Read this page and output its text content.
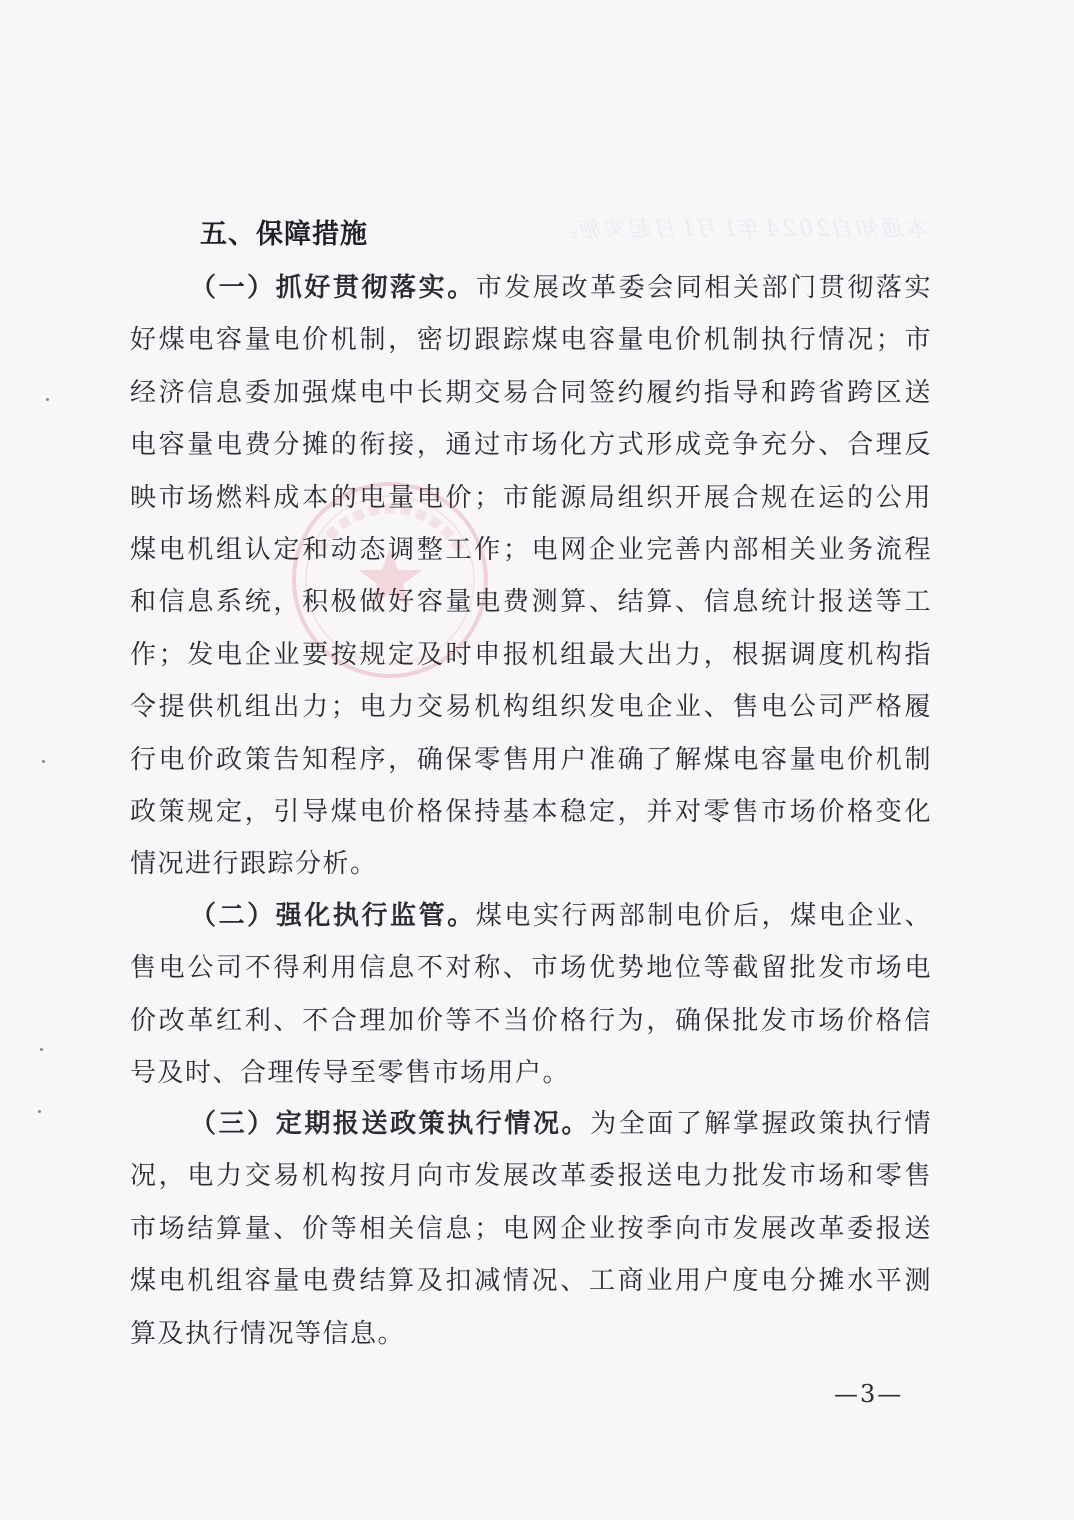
本通知自2024年1月1日起实施。
五、保障措施
（一）抓好贯彻落实。市发展改革委会同相关部门贯彻落实
好煤电容量电价机制，密切跟踪煤电容量电价机制执行情况；市
经济信息委加强煤电中长期交易合同签约履约指导和跨省跨区送
电容量电费分摊的衔接，通过市场化方式形成竞争充分、合理反
映市场燃料成本的电量电价；市能源局组织开展合规在运的公用
煤电机组认定和动态调整工作；电网企业完善内部相关业务流程
和信息系统，积极做好容量电费测算、结算、信息统计报送等工
作；发电企业要按规定及时申报机组最大出力，根据调度机构指
令提供机组出力；电力交易机构组织发电企业、售电公司严格履
行电价政策告知程序，确保零售用户准确了解煤电容量电价机制
政策规定，引导煤电价格保持基本稳定，并对零售市场价格变化
情况进行跟踪分析。
（二）强化执行监管。煤电实行两部制电价后，煤电企业、
售电公司不得利用信息不对称、市场优势地位等截留批发市场电
价改革红利、不合理加价等不当价格行为，确保批发市场价格信
号及时、合理传导至零售市场用户。
（三）定期报送政策执行情况。为全面了解掌握政策执行情
况，电力交易机构按月向市发展改革委报送电力批发市场和零售
市场结算量、价等相关信息；电网企业按季向市发展改革委报送
煤电机组容量电费结算及扣减情况、工商业用户度电分摊水平测
算及执行情况等信息。
—3—
